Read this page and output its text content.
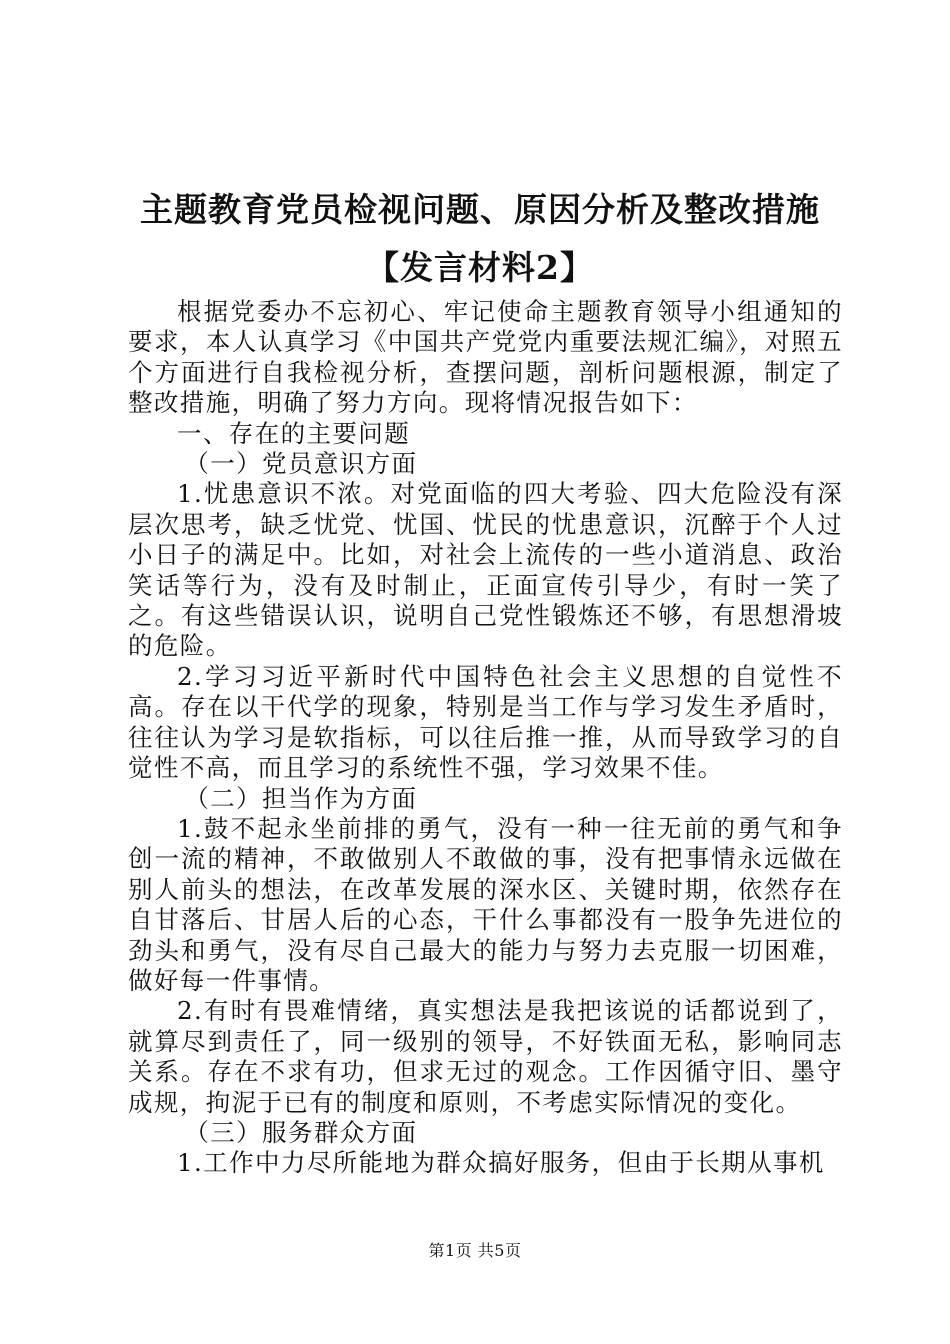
主题教育党员检视问题、原因分析及整改措施
【发言材料2】

根据党委办不忘初心、牢记使命主题教育领导小组通知的要求，本人认真学习《中国共产党党内重要法规汇编》，对照五个方面进行自我检视分析，查摆问题，剖析问题根源，制定了整改措施，明确了努力方向。现将情况报告如下：

一、存在的主要问题

（一）党员意识方面

1.忧患意识不浓。对党面临的四大考验、四大危险没有深层次思考，缺乏忧党、忧国、忧民的忧患意识，沉醉于个人过小日子的满足中。比如，对社会上流传的一些小道消息、政治笑话等行为，没有及时制止，正面宣传引导少，有时一笑了之。有这些错误认识，说明自己党性锻炼还不够，有思想滑坡的危险。

2.学习习近平新时代中国特色社会主义思想的自觉性不高。存在以干代学的现象，特别是当工作与学习发生矛盾时，往往认为学习是软指标，可以往后推一推，从而导致学习的自觉性不高，而且学习的系统性不强，学习效果不佳。

（二）担当作为方面

1.鼓不起永坐前排的勇气，没有一种一往无前的勇气和争创一流的精神，不敢做别人不敢做的事，没有把事情永远做在别人前头的想法，在改革发展的深水区、关键时期，依然存在自甘落后、甘居人后的心态，干什么事都没有一股争先进位的劲头和勇气，没有尽自己最大的能力与努力去克服一切困难，做好每一件事情。

2.有时有畏难情绪，真实想法是我把该说的话都说到了，就算尽到责任了，同一级别的领导，不好铁面无私，影响同志关系。存在不求有功，但求无过的观念。工作因循守旧、墨守成规，拘泥于已有的制度和原则，不考虑实际情况的变化。

（三）服务群众方面

1.工作中力尽所能地为群众搞好服务，但由于长期从事机

第1页 共5页
